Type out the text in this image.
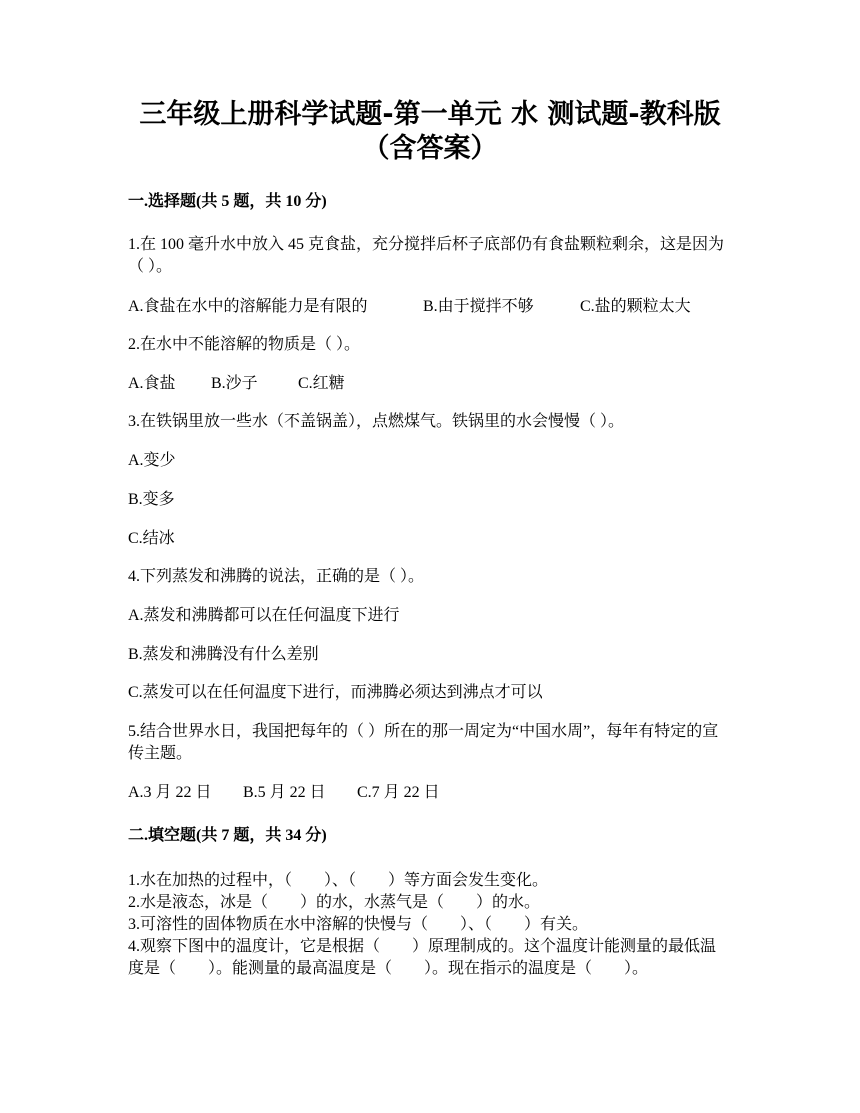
三年级上册科学试题-第一单元 水 测试题-教科版（含答案）
一.选择题(共 5 题，共 10 分)
1.在 100 毫升水中放入 45 克食盐，充分搅拌后杯子底部仍有食盐颗粒剩余，这是因为（ ）。
A.食盐在水中的溶解能力是有限的	B.由于搅拌不够	C.盐的颗粒太大
2.在水中不能溶解的物质是（ ）。
A.食盐 B.沙子	C.红糖
3.在铁锅里放一些水（不盖锅盖），点燃煤气。铁锅里的水会慢慢（ ）。
A.变少
B.变多
C.结冰
4.下列蒸发和沸腾的说法，正确的是（ ）。
A.蒸发和沸腾都可以在任何温度下进行
B.蒸发和沸腾没有什么差别
C.蒸发可以在任何温度下进行，而沸腾必须达到沸点才可以
5.结合世界水日，我国把每年的（ ）所在的那一周定为“中国水周”，每年有特定的宣传主题。
A.3 月 22 日 B.5 月 22 日 C.7 月 22 日
二.填空题(共 7 题，共 34 分)
1.水在加热的过程中，（　　）、（　　）等方面会发生变化。
2.水是液态，冰是（　　）的水，水蒸气是（　　）的水。
3.可溶性的固体物质在水中溶解的快慢与（　　）、（　　）有关。
4.观察下图中的温度计，它是根据（　　）原理制成的。这个温度计能测量的最低温度是（　　）。能测量的最高温度是（　　）。现在指示的温度是（　　）。
